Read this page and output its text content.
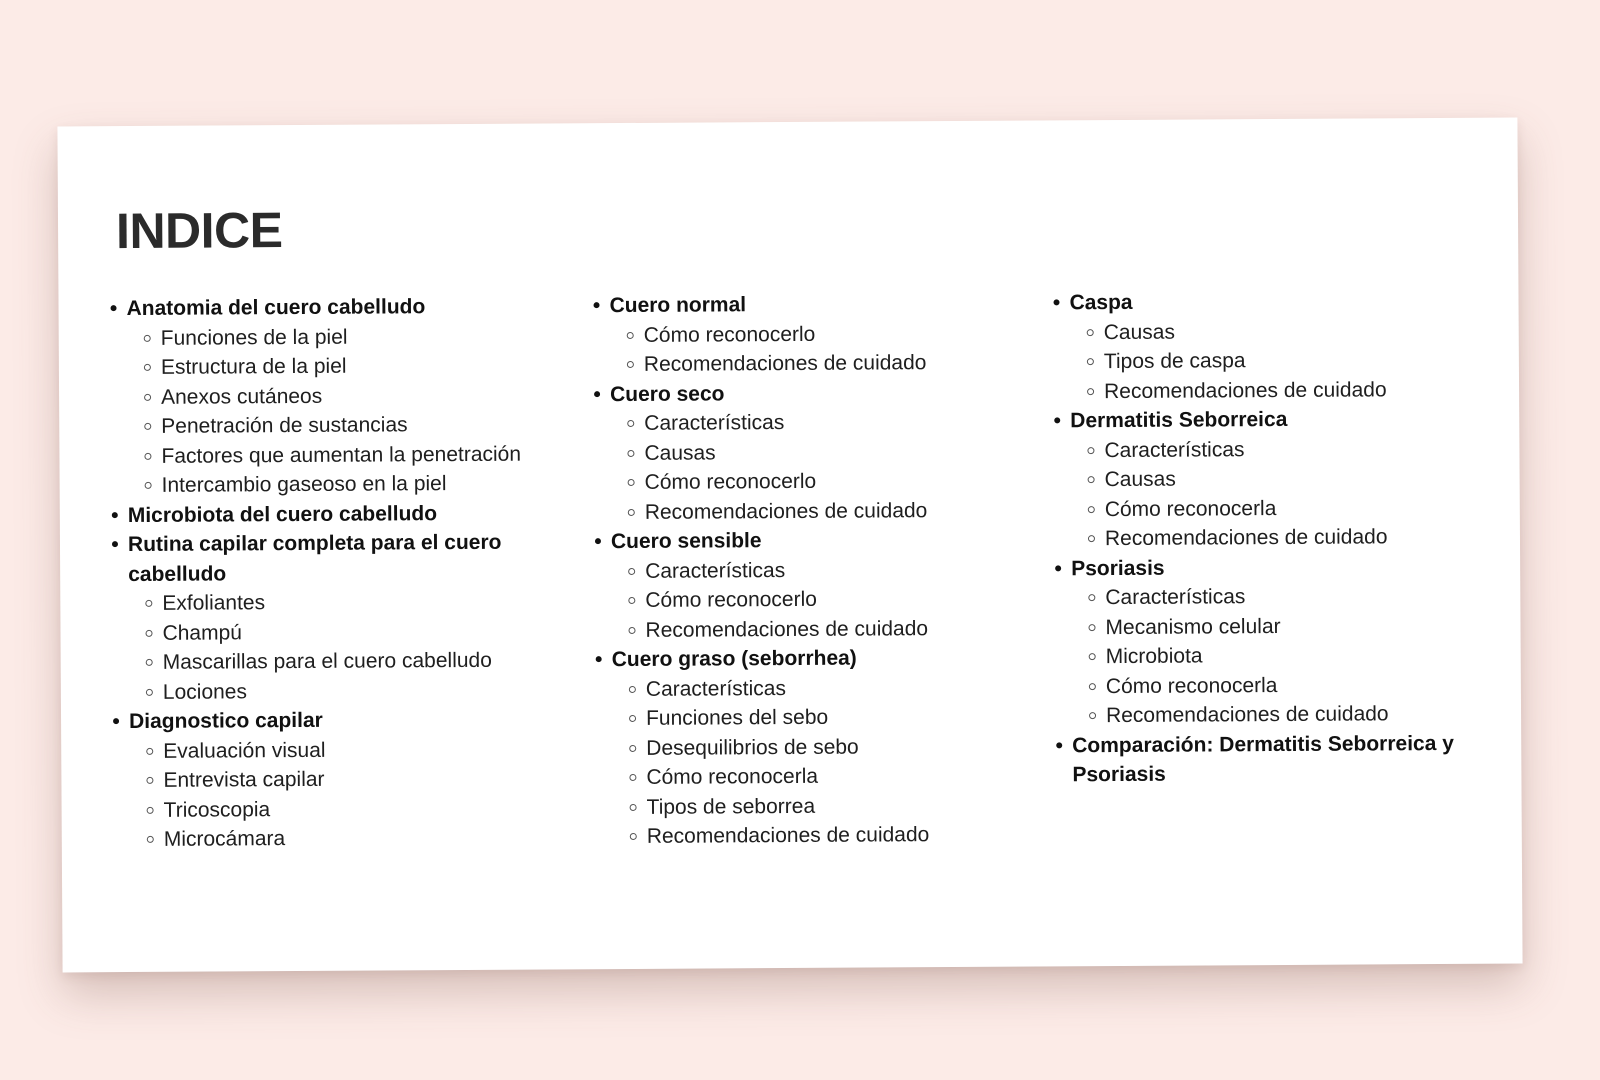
INDICE
Anatomia del cuero cabelludo
Funciones de la piel
Estructura de la piel
Anexos cutáneos
Penetración de sustancias
Factores que aumentan la penetración
Intercambio gaseoso en la piel
Microbiota del cuero cabelludo
Rutina capilar completa para el cuero cabelludo
Exfoliantes
Champú
Mascarillas para el cuero cabelludo
Lociones
Diagnostico capilar
Evaluación visual
Entrevista capilar
Tricoscopia
Microcámara
Cuero normal
Cómo reconocerlo
Recomendaciones de cuidado
Cuero seco
Características
Causas
Cómo reconocerlo
Recomendaciones de cuidado
Cuero sensible
Características
Cómo reconocerlo
Recomendaciones de cuidado
Cuero graso (seborrhea)
Características
Funciones del sebo
Desequilibrios de sebo
Cómo reconocerla
Tipos de seborrea
Recomendaciones de cuidado
Caspa
Causas
Tipos de caspa
Recomendaciones de cuidado
Dermatitis Seborreica
Características
Causas
Cómo reconocerla
Recomendaciones de cuidado
Psoriasis
Características
Mecanismo celular
Microbiota
Cómo reconocerla
Recomendaciones de cuidado
Comparación: Dermatitis Seborreica y Psoriasis
